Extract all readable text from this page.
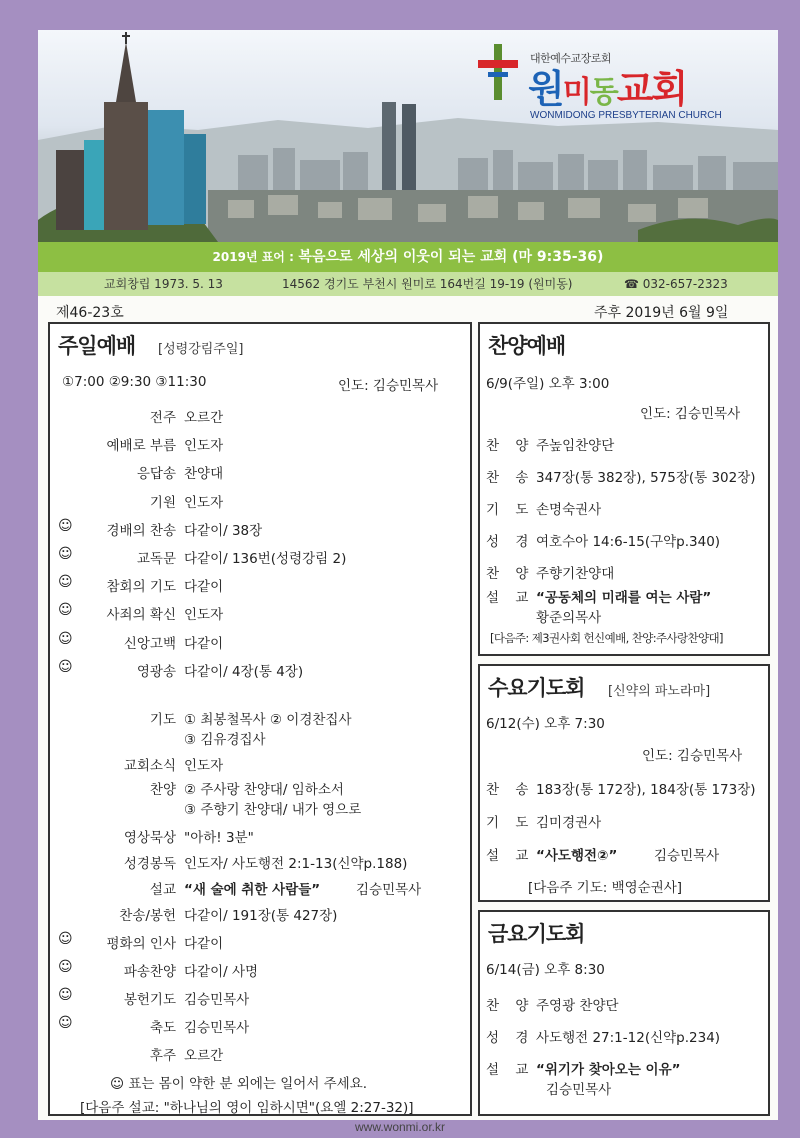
대한예수교장로회
원미동교회
WONMIDONG PRESBYTERIAN CHURCH
2019년 표어 : 복음으로 세상의 이웃이 되는 교회 (마 9:35-36)
교회창립 1973. 5. 13	14562 경기도 부천시 원미로 164번길 19-19 (원미동)	☎ 032-657-2323
제46-23호	주후 2019년 6월 9일
주일예배 [성령강림주일]
①7:00 ②9:30 ③11:30	인도: 김승민목사
전주 오르간
예배로 부름 인도자
응답송 찬양대
기원 인도자
☺	경배의 찬송 다같이/ 38장
☺	교독문 다같이/ 136번(성령강림 2)
☺	참회의 기도 다같이
☺	사죄의 확신 인도자
☺	신앙고백 다같이
☺	영광송 다같이/ 4장(통 4장)
기도 ① 최봉철목사 ② 이경찬집사
③ 김유경집사
교회소식 인도자
찬양 ② 주사랑 찬양대/ 임하소서
③ 주향기 찬양대/ 내가 영으로
영상묵상 "아하! 3분"
성경봉독 인도자/ 사도행전 2:1-13(신약p.188)
설교 “새 술에 취한 사람들”	김승민목사
찬송/봉헌 다같이/ 191장(통 427장)
☺	평화의 인사 다같이
☺	파송찬양 다같이/ 사명
☺	봉헌기도 김승민목사
☺	축도 김승민목사
후주 오르간
☺ 표는 몸이 약한 분 외에는 일어서 주세요.
[다음주 설교: "하나님의 영이 임하시면"(요엘 2:27-32)]
찬양예배
6/9(주일) 오후 3:00
인도: 김승민목사
찬 양 주높임찬양단
찬 송 347장(통 382장), 575장(통 302장)
기 도 손명숙권사
성 경 여호수아 14:6-15(구약p.340)
찬 양 주향기찬양대
설 교 “공동체의 미래를 여는 사람”
황준의목사
[다음주: 제3권사회 헌신예배, 찬양:주사랑찬양대]
수요기도회 [신약의 파노라마]
6/12(수) 오후 7:30
인도: 김승민목사
찬 송 183장(통 172장), 184장(통 173장)
기 도 김미경권사
설 교 “사도행전②”	김승민목사
[다음주 기도: 백영순권사]
금요기도회
6/14(금) 오후 8:30
찬 양 주영광 찬양단
성 경 사도행전 27:1-12(신약p.234)
설 교 “위기가 찾아오는 이유”
김승민목사
www.wonmi.or.kr
